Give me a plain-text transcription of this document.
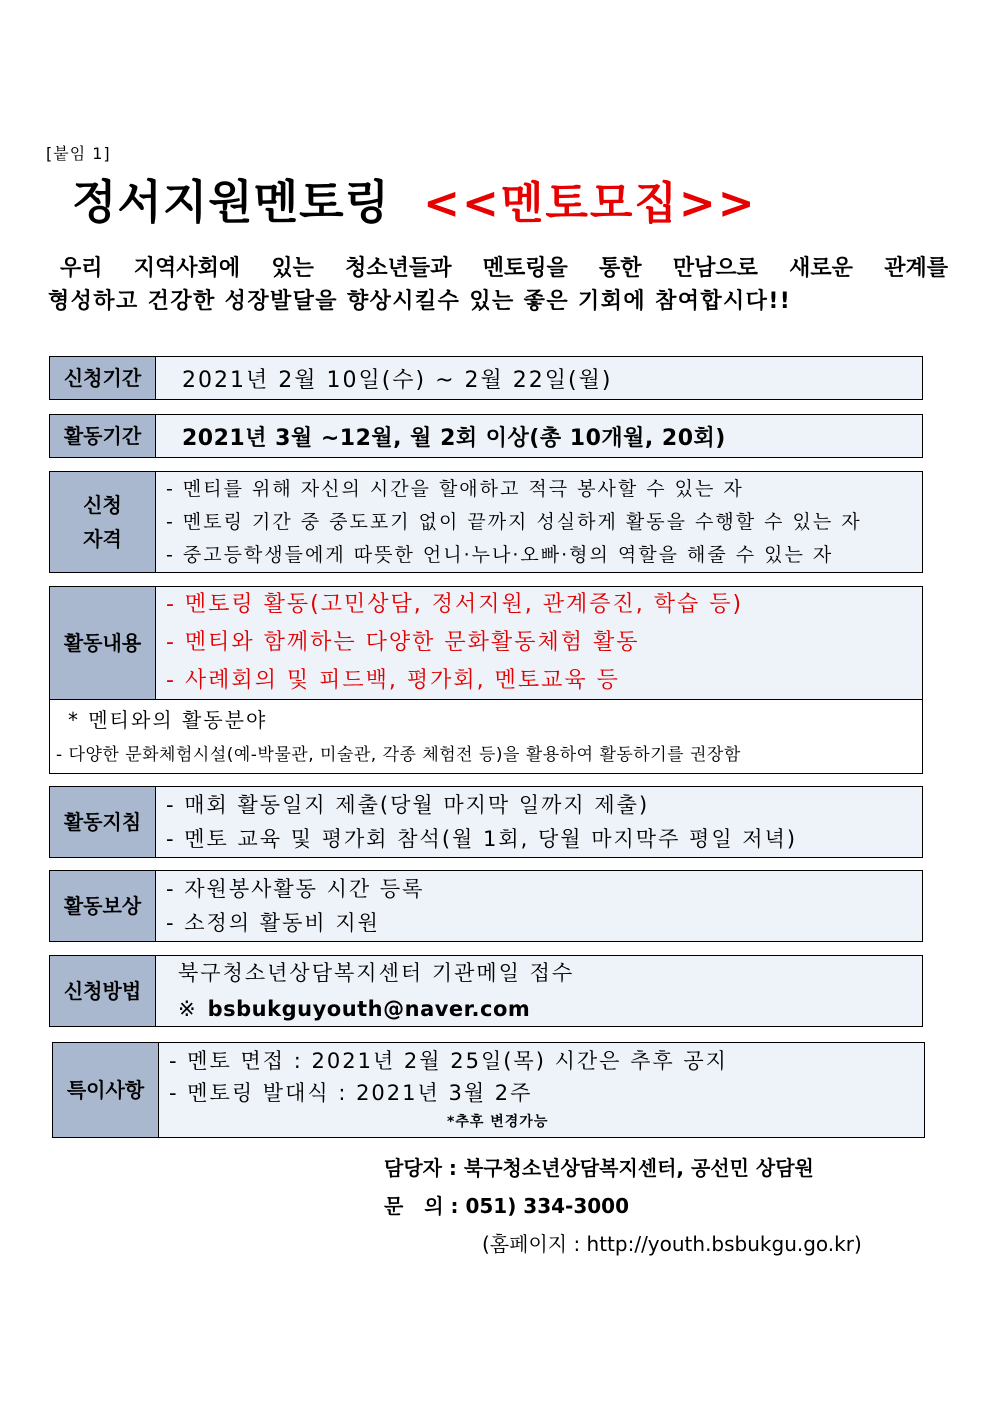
[붙임 1]
정서지원멘토링 <<멘토모집>>
우리 지역사회에 있는 청소년들과 멘토링을 통한 만남으로 새로운 관계를
형성하고 건강한 성장발달을 향상시킬수 있는 좋은 기회에 참여합시다!!
신청기간	2021년 2월 10일(수) ~ 2월 22일(월)
활동기간	2021년 3월 ~12월, 월 2회 이상(총 10개월, 20회)
신청
자격
- 멘티를 위해 자신의 시간을 할애하고 적극 봉사할 수 있는 자
- 멘토링 기간 중 중도포기 없이 끝까지 성실하게 활동을 수행할 수 있는 자
- 중고등학생들에게 따뜻한 언니·누나·오빠·형의 역할을 해줄 수 있는 자
활동내용
- 멘토링 활동(고민상담, 정서지원, 관계증진, 학습 등)
- 멘티와 함께하는 다양한 문화활동체험 활동
- 사례회의 및 피드백, 평가회, 멘토교육 등
* 멘티와의 활동분야
- 다양한 문화체험시설(예-박물관, 미술관, 각종 체험전 등)을 활용하여 활동하기를 권장함
활동지침
- 매회 활동일지 제출(당월 마지막 일까지 제출)
- 멘토 교육 및 평가회 참석(월 1회, 당월 마지막주 평일 저녁)
활동보상
- 자원봉사활동 시간 등록
- 소정의 활동비 지원
신청방법
북구청소년상담복지센터 기관메일 접수
※ bsbukguyouth@naver.com
특이사항
- 멘토 면접 : 2021년 2월 25일(목) 시간은 추후 공지
- 멘토링 발대식 : 2021년 3월 2주
*추후 변경가능
담당자 : 북구청소년상담복지센터, 공선민 상담원
문   의 : 051) 334-3000
(홈페이지 : http://youth.bsbukgu.go.kr)
